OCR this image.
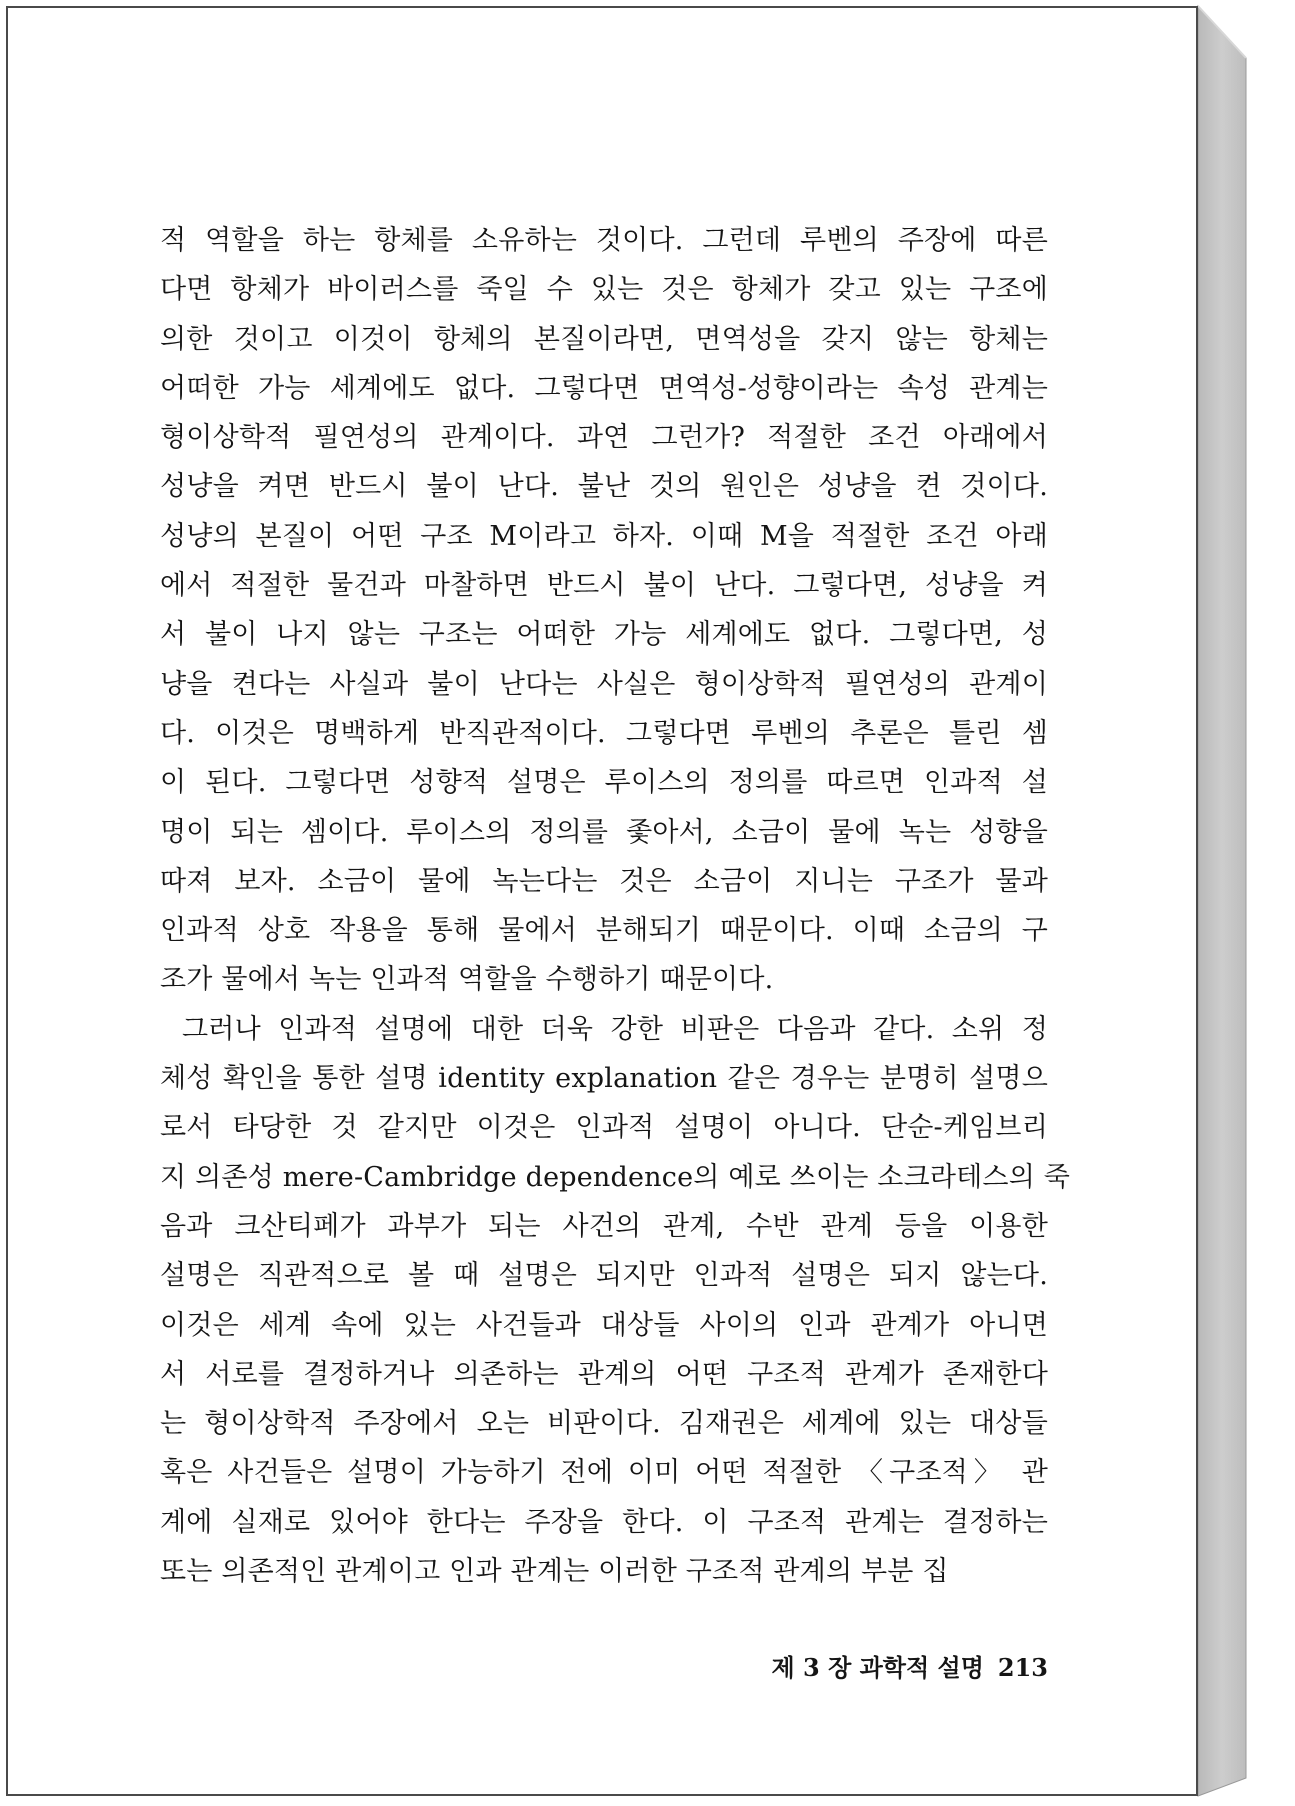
적 역할을 하는 항체를 소유하는 것이다. 그런데 루벤의 주장에 따른
다면 항체가 바이러스를 죽일 수 있는 것은 항체가 갖고 있는 구조에
의한 것이고 이것이 항체의 본질이라면, 면역성을 갖지 않는 항체는
어떠한 가능 세계에도 없다. 그렇다면 면역성-성향이라는 속성 관계는
형이상학적 필연성의 관계이다. 과연 그런가? 적절한 조건 아래에서
성냥을 켜면 반드시 불이 난다. 불난 것의 원인은 성냥을 켠 것이다.
성냥의 본질이 어떤 구조 M이라고 하자. 이때 M을 적절한 조건 아래
에서 적절한 물건과 마찰하면 반드시 불이 난다. 그렇다면, 성냥을 켜
서 불이 나지 않는 구조는 어떠한 가능 세계에도 없다. 그렇다면, 성
냥을 켠다는 사실과 불이 난다는 사실은 형이상학적 필연성의 관계이
다. 이것은 명백하게 반직관적이다. 그렇다면 루벤의 추론은 틀린 셈
이 된다. 그렇다면 성향적 설명은 루이스의 정의를 따르면 인과적 설
명이 되는 셈이다. 루이스의 정의를 좇아서, 소금이 물에 녹는 성향을
따져 보자. 소금이 물에 녹는다는 것은 소금이 지니는 구조가 물과
인과적 상호 작용을 통해 물에서 분해되기 때문이다. 이때 소금의 구
조가 물에서 녹는 인과적 역할을 수행하기 때문이다.
그러나 인과적 설명에 대한 더욱 강한 비판은 다음과 같다. 소위 정
체성 확인을 통한 설명 identity explanation 같은 경우는 분명히 설명으
로서 타당한 것 같지만 이것은 인과적 설명이 아니다. 단순-케임브리
지 의존성 mere-Cambridge dependence의 예로 쓰이는 소크라테스의 죽
음과 크산티페가 과부가 되는 사건의 관계, 수반 관계 등을 이용한
설명은 직관적으로 볼 때 설명은 되지만 인과적 설명은 되지 않는다.
이것은 세계 속에 있는 사건들과 대상들 사이의 인과 관계가 아니면
서 서로를 결정하거나 의존하는 관계의 어떤 구조적 관계가 존재한다
는 형이상학적 주장에서 오는 비판이다. 김재권은 세계에 있는 대상들
혹은 사건들은 설명이 가능하기 전에 이미 어떤 적절한 〈구조적〉 관
계에 실재로 있어야 한다는 주장을 한다. 이 구조적 관계는 결정하는
또는 의존적인 관계이고 인과 관계는 이러한 구조적 관계의 부분 집
제 3 장 과학적 설명 213
